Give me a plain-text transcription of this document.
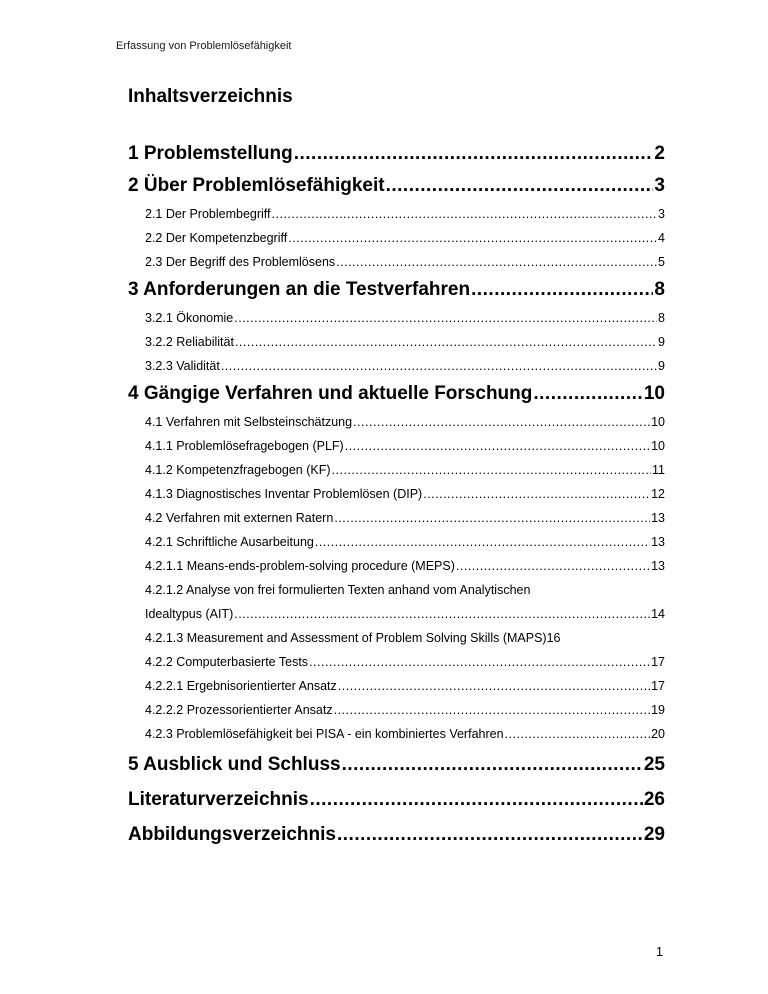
Erfassung von Problemlösefähigkeit
Inhaltsverzeichnis
1 Problemstellung .....	2
2 Über Problemlösefähigkeit .....	3
2.1 Der Problembegriff .....	3
2.2 Der Kompetenzbegriff .....	4
2.3 Der Begriff des Problemlösens .....	5
3 Anforderungen an die Testverfahren .....	8
3.2.1 Ökonomie .....	8
3.2.2 Reliabilität .....	9
3.2.3 Validität .....	9
4 Gängige Verfahren und aktuelle Forschung .....	10
4.1 Verfahren mit Selbsteinschätzung .....	10
4.1.1 Problemlösefragebogen (PLF) .....	10
4.1.2 Kompetenzfragebogen (KF) .....	11
4.1.3 Diagnostisches Inventar Problemlösen (DIP) .....	12
4.2 Verfahren mit externen Ratern .....	13
4.2.1 Schriftliche Ausarbeitung .....	13
4.2.1.1 Means-ends-problem-solving procedure (MEPS) .....	13
4.2.1.2 Analyse von frei formulierten Texten anhand vom Analytischen
Idealtypus (AIT) .....	14
4.2.1.3 Measurement and Assessment of Problem Solving Skills (MAPS) 16
4.2.2 Computerbasierte Tests .....	17
4.2.2.1 Ergebnisorientierter Ansatz .....	17
4.2.2.2 Prozessorientierter Ansatz .....	19
4.2.3 Problemlösefähigkeit bei PISA - ein kombiniertes Verfahren .....	20
5 Ausblick und Schluss .....	25
Literaturverzeichnis .....	26
Abbildungsverzeichnis .....	29
1
